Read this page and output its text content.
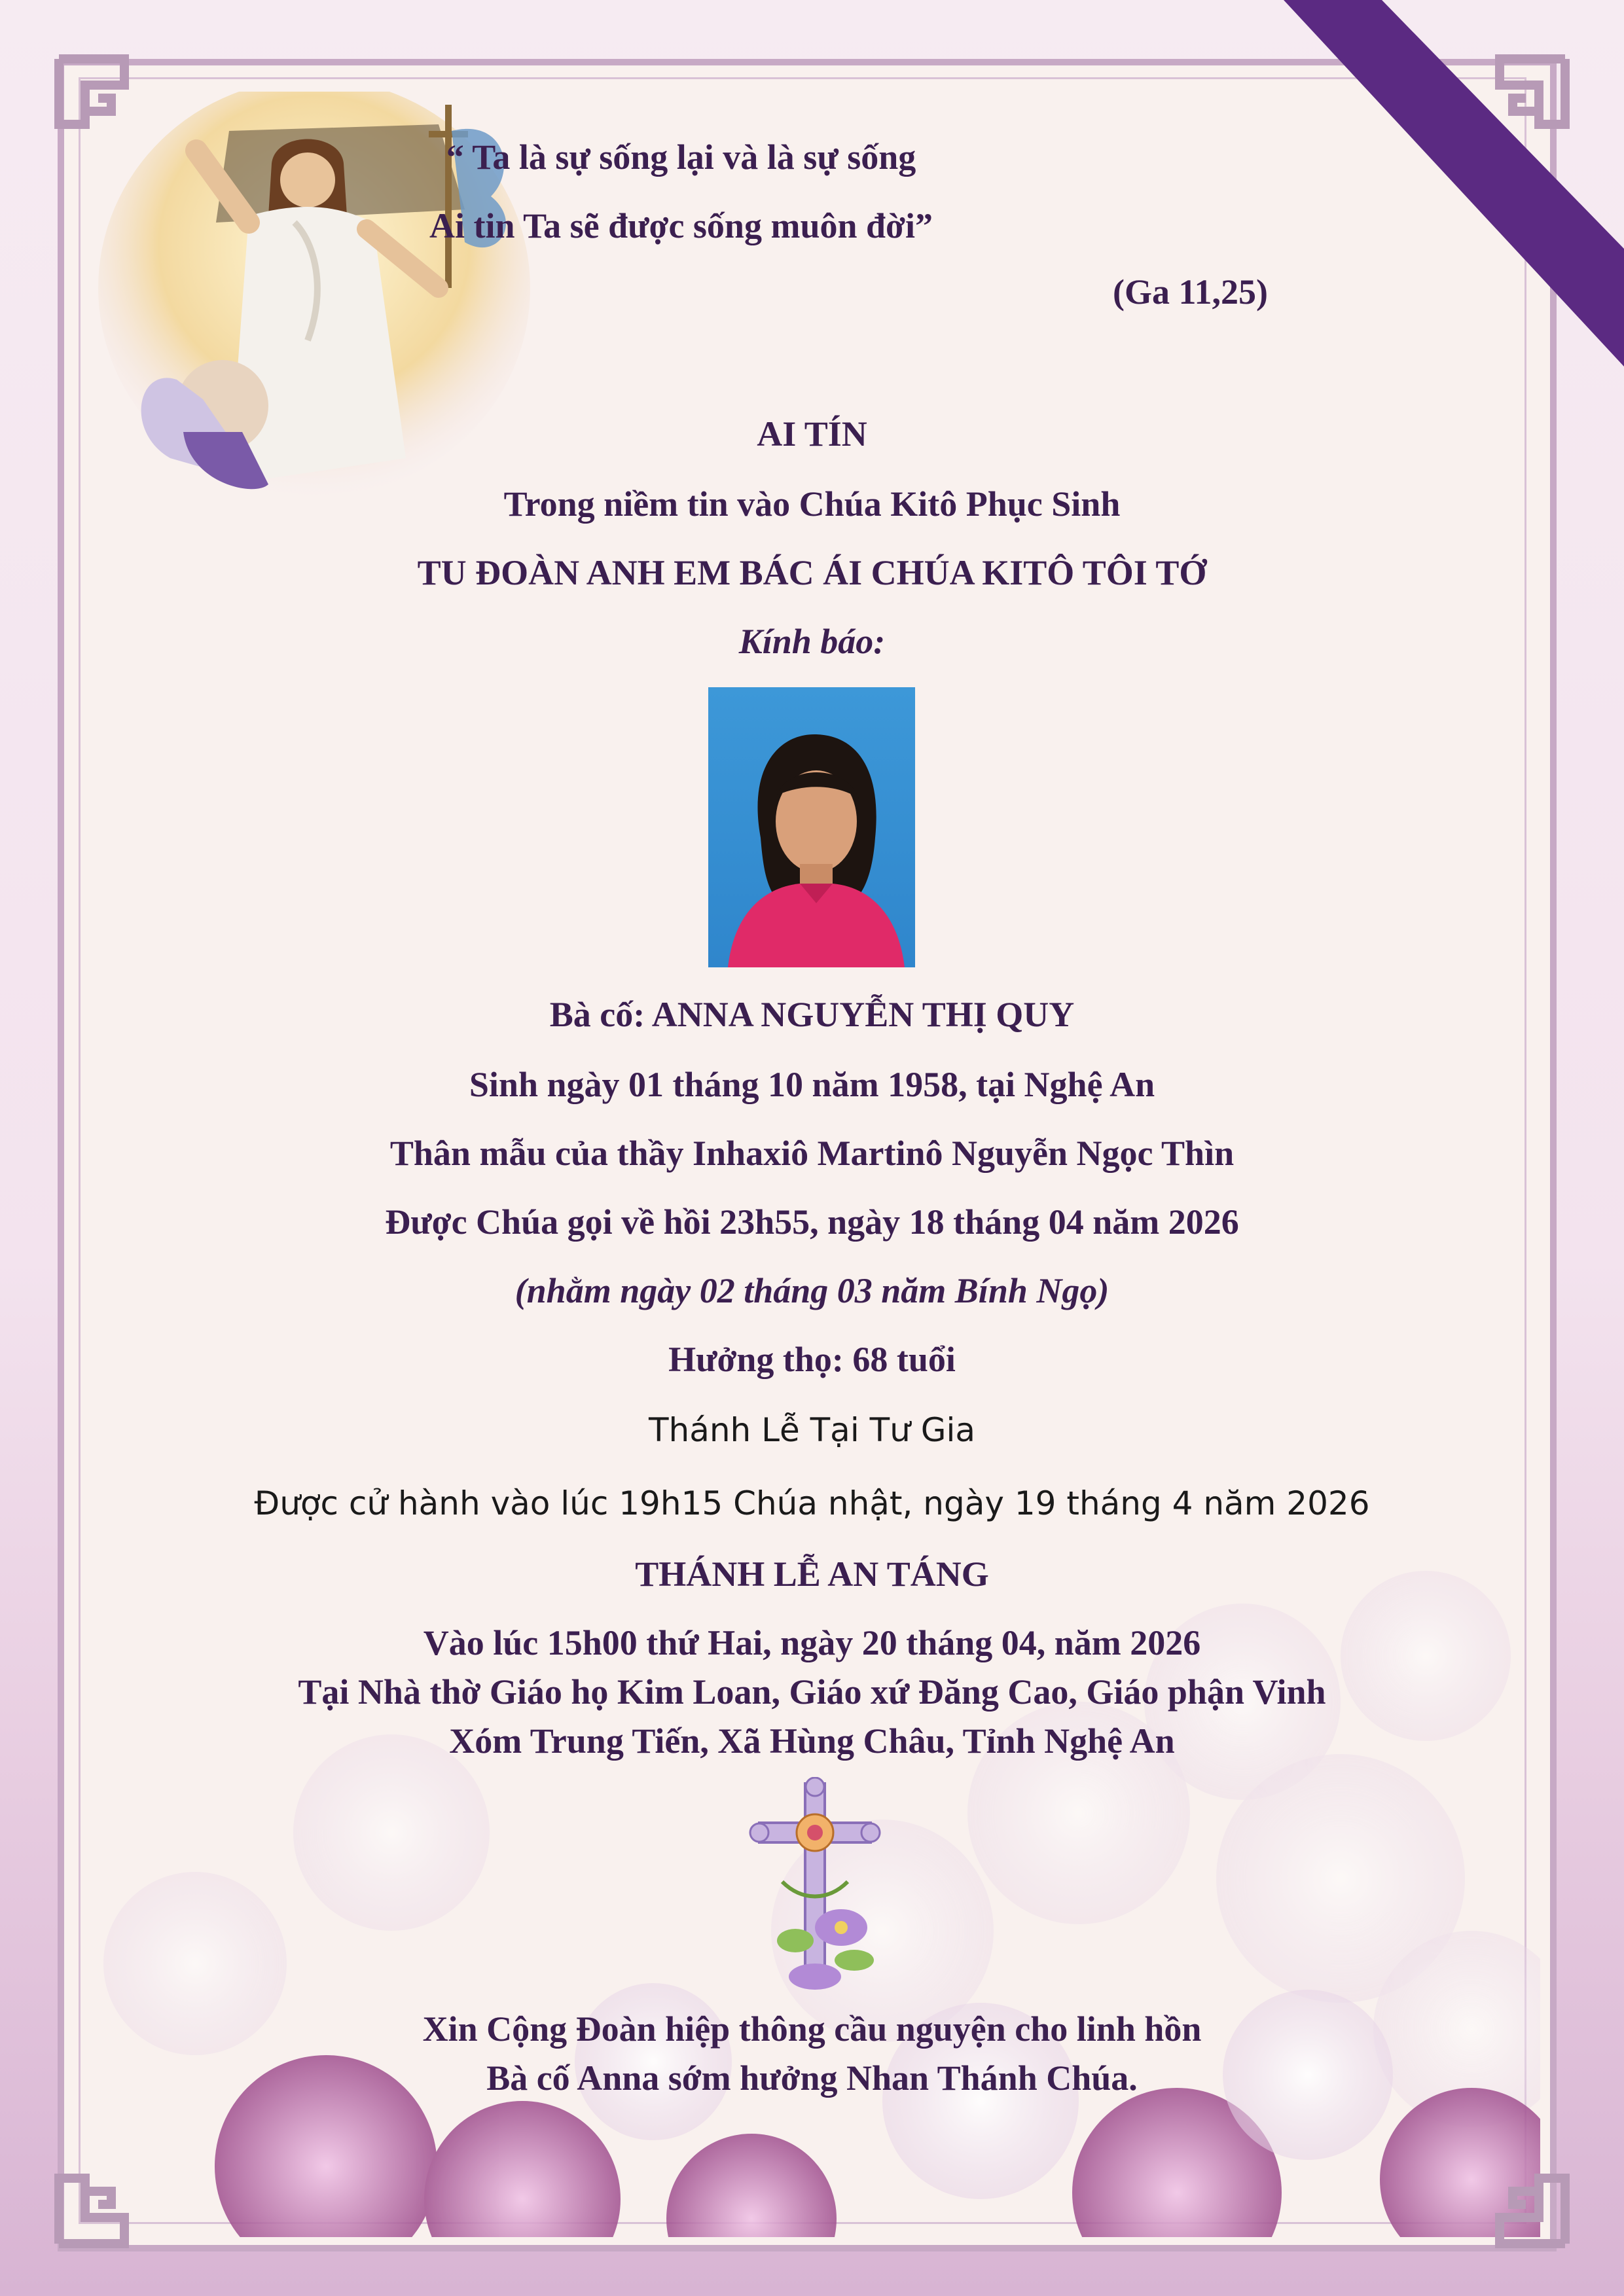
“ Ta là sự sống lại và là sự sống
Ai tin Ta sẽ được sống muôn đời”
(Ga 11,25)
AI TÍN
Trong niềm tin vào Chúa Kitô Phục Sinh
TU ĐOÀN ANH EM BÁC ÁI CHÚA KITÔ TÔI TỚ
Kính báo:
Bà cố: ANNA NGUYỄN THỊ QUY
Sinh ngày 01 tháng 10 năm 1958, tại Nghệ An
Thân mẫu của thầy Inhaxiô Martinô Nguyễn Ngọc Thìn
Được Chúa gọi về hồi 23h55, ngày 18 tháng 04 năm 2026
(nhằm ngày 02 tháng 03 năm Bính Ngọ)
Hưởng thọ: 68 tuổi
Thánh Lễ Tại Tư Gia
Được cử hành vào lúc 19h15 Chúa nhật, ngày 19 tháng 4 năm 2026
THÁNH LỄ AN TÁNG
Vào lúc 15h00 thứ Hai, ngày 20 tháng 04, năm 2026
Tại Nhà thờ Giáo họ Kim Loan, Giáo xứ Đăng Cao, Giáo phận Vinh
Xóm Trung Tiến, Xã Hùng Châu, Tỉnh Nghệ An
Xin Cộng Đoàn hiệp thông cầu nguyện cho linh hồn
Bà cố Anna sớm hưởng Nhan Thánh Chúa.
